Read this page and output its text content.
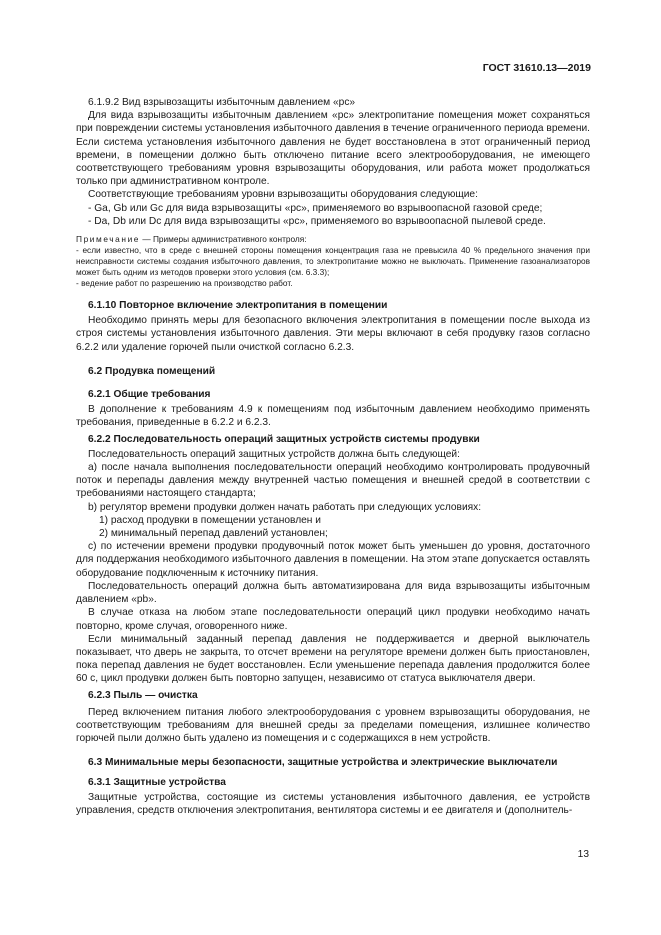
ГОСТ 31610.13—2019

6.1.9.2 Вид взрывозащиты избыточным давлением «pc»

Для вида взрывозащиты избыточным давлением «pc» электропитание помещения может сохраняться при повреждении системы установления избыточного давления в течение ограниченного периода времени. Если система установления избыточного давления не будет восстановлена в этот ограниченный период времени, в помещении должно быть отключено питание всего электрооборудования, не имеющего соответствующего требованиям уровня взрывозащиты оборудования, или работа может продолжаться только при административном контроле.

Соответствующие требованиям уровни взрывозащиты оборудования следующие:

- Ga, Gb или Gc для вида взрывозащиты «pc», применяемого во взрывоопасной газовой среде;

- Da, Db или Dc для вида взрывозащиты «pc», применяемого во взрывоопасной пылевой среде.

Примечание — Примеры административного контроля:

- если известно, что в среде с внешней стороны помещения концентрация газа не превысила 40 % предельного значения при неисправности системы создания избыточного давления, то электропитание можно не выключать. Применение газоанализаторов может быть одним из методов проверки этого условия (см. 6.3.3);

- ведение работ по разрешению на производство работ.

6.1.10 Повторное включение электропитания в помещении

Необходимо принять меры для безопасного включения электропитания в помещении после выхода из строя системы установления избыточного давления. Эти меры включают в себя продувку газов согласно 6.2.2 или удаление горючей пыли очисткой согласно 6.2.3.

6.2 Продувка помещений

6.2.1 Общие требования

В дополнение к требованиям 4.9 к помещениям под избыточным давлением необходимо применять требования, приведенные в 6.2.2 и 6.2.3.

6.2.2 Последовательность операций защитных устройств системы продувки

Последовательность операций защитных устройств должна быть следующей:

а) после начала выполнения последовательности операций необходимо контролировать продувочный поток и перепады давления между внутренней частью помещения и внешней средой в соответствии с требованиями настоящего стандарта;

b) регулятор времени продувки должен начать работать при следующих условиях:

1) расход продувки в помещении установлен и

2) минимальный перепад давлений установлен;

c) по истечении времени продувки продувочный поток может быть уменьшен до уровня, достаточного для поддержания необходимого избыточного давления в помещении. На этом этапе допускается оставлять оборудование подключенным к источнику питания.

Последовательность операций должна быть автоматизирована для вида взрывозащиты избыточным давлением «pb».

В случае отказа на любом этапе последовательности операций цикл продувки необходимо начать повторно, кроме случая, оговоренного ниже.

Если минимальный заданный перепад давления не поддерживается и дверной выключатель показывает, что дверь не закрыта, то отсчет времени на регуляторе времени должен быть приостановлен, пока перепад давления не будет восстановлен. Если уменьшение перепада давления продолжится более 60 с, цикл продувки должен быть повторно запущен, независимо от статуса выключателя двери.

6.2.3 Пыль — очистка

Перед включением питания любого электрооборудования с уровнем взрывозащиты оборудования, не соответствующим требованиям для внешней среды за пределами помещения, излишнее количество горючей пыли должно быть удалено из помещения и с содержащихся в нем устройств.

6.3 Минимальные меры безопасности, защитные устройства и электрические выключатели

6.3.1 Защитные устройства

Защитные устройства, состоящие из системы установления избыточного давления, ее устройств управления, средств отключения электропитания, вентилятора системы и ее двигателя и (дополнитель-

13
